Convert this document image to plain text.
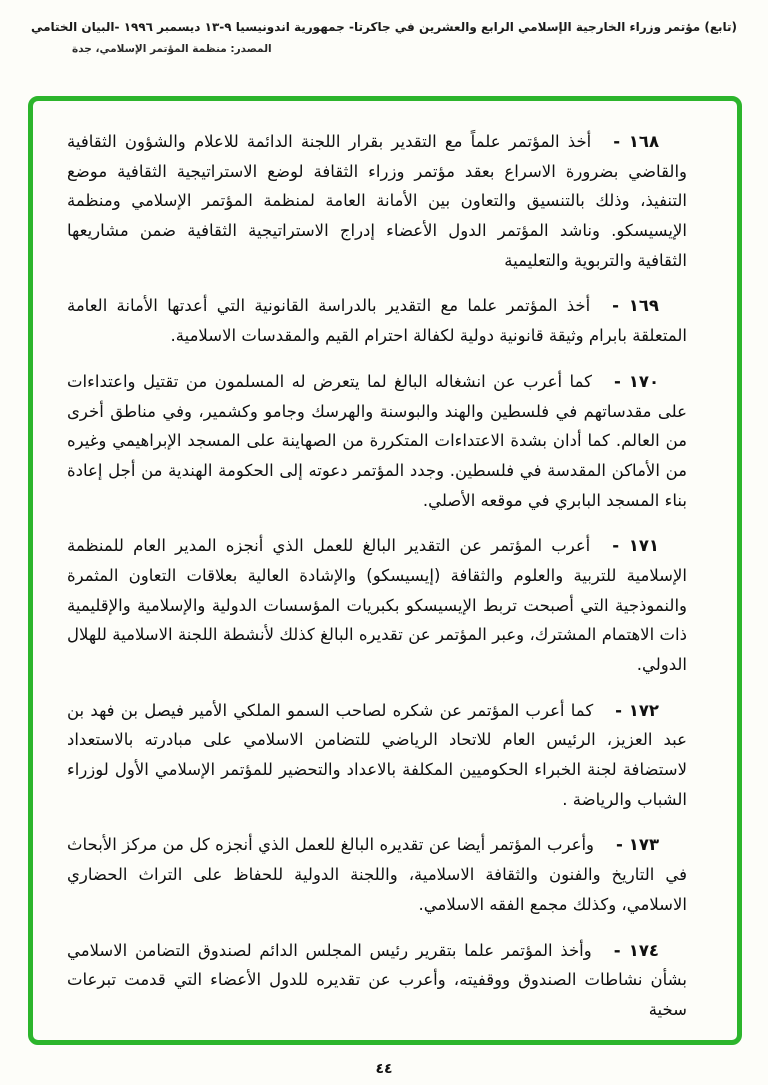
(تابع) مؤتمر وزراء الخارجية الإسلامي الرابع والعشرين في جاكرتا- جمهورية اندونيسيا ٩-١٣ ديسمبر ١٩٩٦ -البيان الختامي
المصدر: منظمة المؤتمر الإسلامي، جدة

١٦٨ -أخذ المؤتمر علماً مع التقدير بقرار اللجنة الدائمة للاعلام والشؤون الثقافية والقاضي بضرورة الاسراع بعقد مؤتمر وزراء الثقافة لوضع الاستراتيجية الثقافية موضع التنفيذ، وذلك بالتنسيق والتعاون بين الأمانة العامة لمنظمة المؤتمر الإسلامي ومنظمة الإيسيسكو. وناشد المؤتمر الدول الأعضاء إدراج الاستراتيجية الثقافية ضمن مشاريعها الثقافية والتربوية والتعليمية

١٦٩ -أخذ المؤتمر علما مع التقدير بالدراسة القانونية التي أعدتها الأمانة العامة المتعلقة بابرام وثيقة قانونية دولية لكفالة احترام القيم والمقدسات الاسلامية.

١٧٠ -كما أعرب عن انشغاله البالغ لما يتعرض له المسلمون من تقتيل واعتداءات على مقدساتهم في فلسطين والهند والبوسنة والهرسك وجامو وكشمير، وفي مناطق أخرى من العالم. كما أدان بشدة الاعتداءات المتكررة من الصهاينة على المسجد الإبراهيمي وغيره من الأماكن المقدسة في فلسطين. وجدد المؤتمر دعوته إلى الحكومة الهندية من أجل إعادة بناء المسجد البابري في موقعه الأصلي.

١٧١ -أعرب المؤتمر عن التقدير البالغ للعمل الذي أنجزه المدير العام للمنظمة الإسلامية للتربية والعلوم والثقافة (إيسيسكو) والإشادة العالية بعلاقات التعاون المثمرة والنموذجية التي أصبحت تربط الإيسيسكو بكبريات المؤسسات الدولية والإسلامية والإقليمية ذات الاهتمام المشترك، وعبر المؤتمر عن تقديره البالغ كذلك لأنشطة اللجنة الاسلامية للهلال الدولي.

١٧٢ -كما أعرب المؤتمر عن شكره لصاحب السمو الملكي الأمير فيصل بن فهد بن عبد العزيز، الرئيس العام للاتحاد الرياضي للتضامن الاسلامي على مبادرته بالاستعداد لاستضافة لجنة الخبراء الحكوميين المكلفة بالاعداد والتحضير للمؤتمر الإسلامي الأول لوزراء الشباب والرياضة .

١٧٣ -وأعرب المؤتمر أيضا عن تقديره البالغ للعمل الذي أنجزه كل من مركز الأبحاث في التاريخ والفنون والثقافة الاسلامية، واللجنة الدولية للحفاظ على التراث الحضاري الاسلامي، وكذلك مجمع الفقه الاسلامي.

١٧٤ -وأخذ المؤتمر علما بتقرير رئيس المجلس الدائم لصندوق التضامن الاسلامي بشأن نشاطات الصندوق ووقفيته، وأعرب عن تقديره للدول الأعضاء التي قدمت تبرعات سخية

٤٤
